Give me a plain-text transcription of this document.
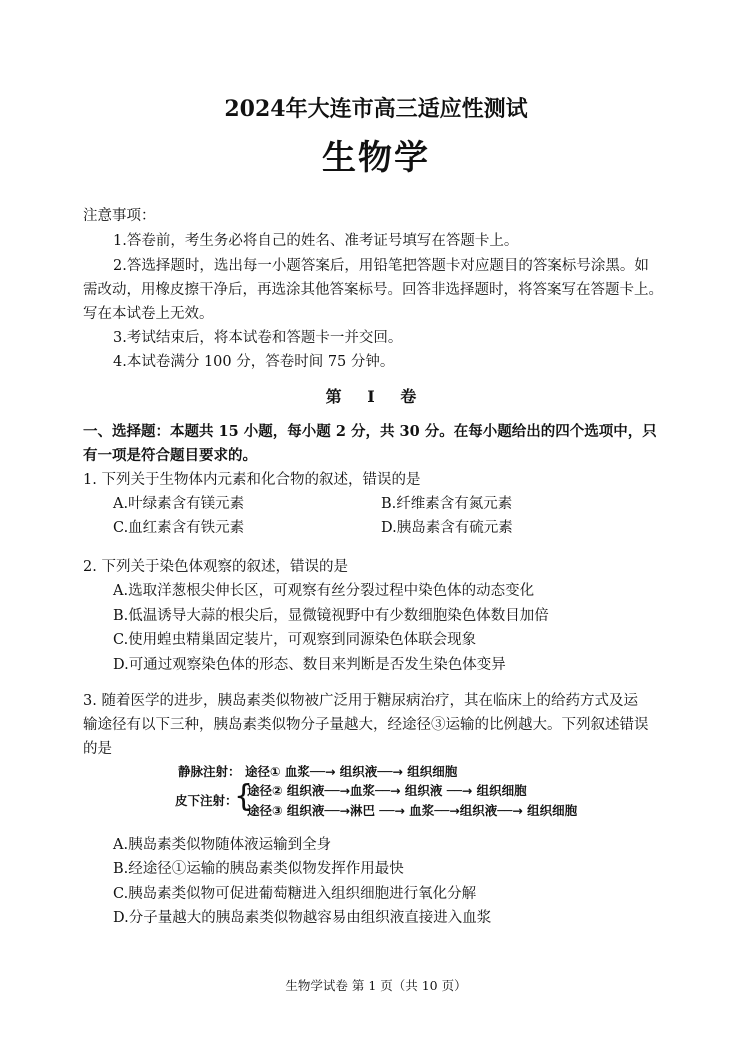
2024年大连市高三适应性测试
生物学
注意事项：
1.答卷前，考生务必将自己的姓名、准考证号填写在答题卡上。
2.答选择题时，选出每一小题答案后，用铅笔把答题卡对应题目的答案标号涂黑。如
需改动，用橡皮擦干净后，再选涂其他答案标号。回答非选择题时，将答案写在答题卡上。
写在本试卷上无效。
3.考试结束后，将本试卷和答题卡一并交回。
4.本试卷满分 100 分，答卷时间 75 分钟。
第 Ⅰ 卷
一、选择题：本题共 15 小题，每小题 2 分，共 30 分。在每小题给出的四个选项中，只
有一项是符合题目要求的。
1. 下列关于生物体内元素和化合物的叙述，错误的是
A.叶绿素含有镁元素	B.纤维素含有氮元素
C.血红素含有铁元素	D.胰岛素含有硫元素
2. 下列关于染色体观察的叙述，错误的是
A.选取洋葱根尖伸长区，可观察有丝分裂过程中染色体的动态变化
B.低温诱导大蒜的根尖后，显微镜视野中有少数细胞染色体数目加倍
C.使用蝗虫精巢固定装片，可观察到同源染色体联会现象
D.可通过观察染色体的形态、数目来判断是否发生染色体变异
3. 随着医学的进步，胰岛素类似物被广泛用于糖尿病治疗，其在临床上的给药方式及运
输途径有以下三种，胰岛素类似物分子量越大，经途径③运输的比例越大。下列叙述错误
的是
静脉注射： 途径① 血浆──→ 组织液──→ 组织细胞
皮下注射：
{
途径② 组织液──→血浆──→ 组织液 ──→ 组织细胞
途径③ 组织液──→淋巴 ──→ 血浆──→组织液──→ 组织细胞
A.胰岛素类似物随体液运输到全身
B.经途径①运输的胰岛素类似物发挥作用最快
C.胰岛素类似物可促进葡萄糖进入组织细胞进行氧化分解
D.分子量越大的胰岛素类似物越容易由组织液直接进入血浆
生物学试卷 第 1 页（共 10 页）
